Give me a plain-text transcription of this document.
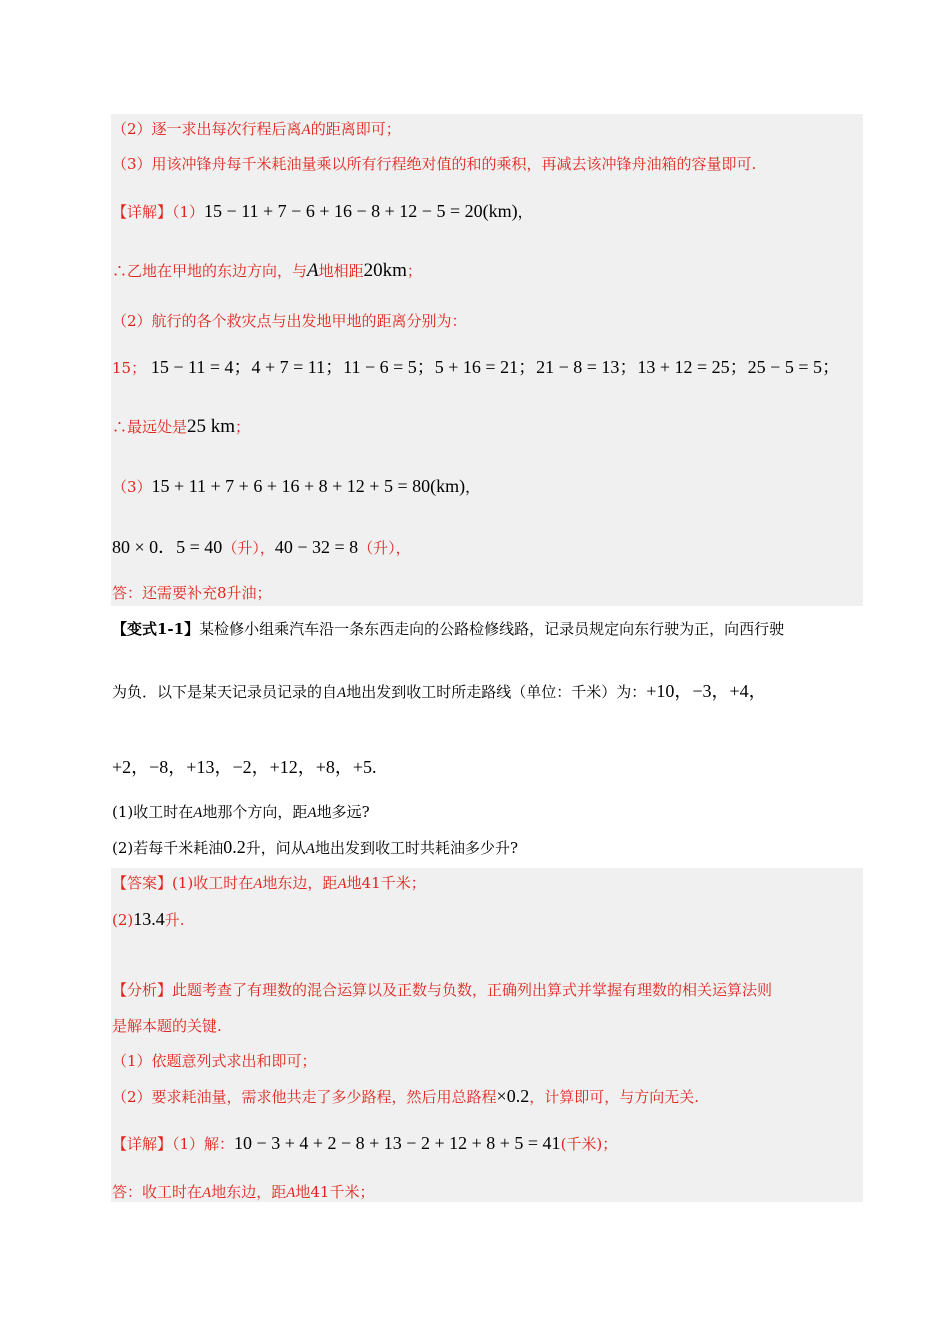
（2）逐一求出每次行程后离A的距离即可；
（3）用该冲锋舟每千米耗油量乘以所有行程绝对值的和的乘积，再减去该冲锋舟油箱的容量即可.
【详解】（1）15 − 11 + 7 − 6 + 16 − 8 + 12 − 5 = 20(km)，
∴乙地在甲地的东边方向，与A地相距20km；
（2）航行的各个救灾点与出发地甲地的距离分别为：
15； 15 − 11 = 4；4 + 7 = 11；11 − 6 = 5；5 + 16 = 21；21 − 8 = 13；13 + 12 = 25；25 − 5 = 5；
∴最远处是25 km；
（3）15 + 11 + 7 + 6 + 16 + 8 + 12 + 5 = 80(km)，
80 × 0．5 = 40（升），40 − 32 = 8（升），
答：还需要补充8升油；
【变式1-1】某检修小组乘汽车沿一条东西走向的公路检修线路，记录员规定向东行驶为正，向西行驶
为负．以下是某天记录员记录的自A地出发到收工时所走路线（单位：千米）为：+10，−3，+4，
+2，−8，+13，−2，+12，+8，+5.
(1)收工时在A地那个方向，距A地多远?
(2)若每千米耗油0.2升，问从A地出发到收工时共耗油多少升?
【答案】(1)收工时在A地东边，距A地41千米；
(2)13.4升.
【分析】此题考查了有理数的混合运算以及正数与负数，正确列出算式并掌握有理数的相关运算法则
是解本题的关键.
（1）依题意列式求出和即可；
（2）要求耗油量，需求他共走了多少路程，然后用总路程×0.2，计算即可，与方向无关.
【详解】（1）解：10 − 3 + 4 + 2 − 8 + 13 − 2 + 12 + 8 + 5 = 41(千米)；
答：收工时在A地东边，距A地41千米；
